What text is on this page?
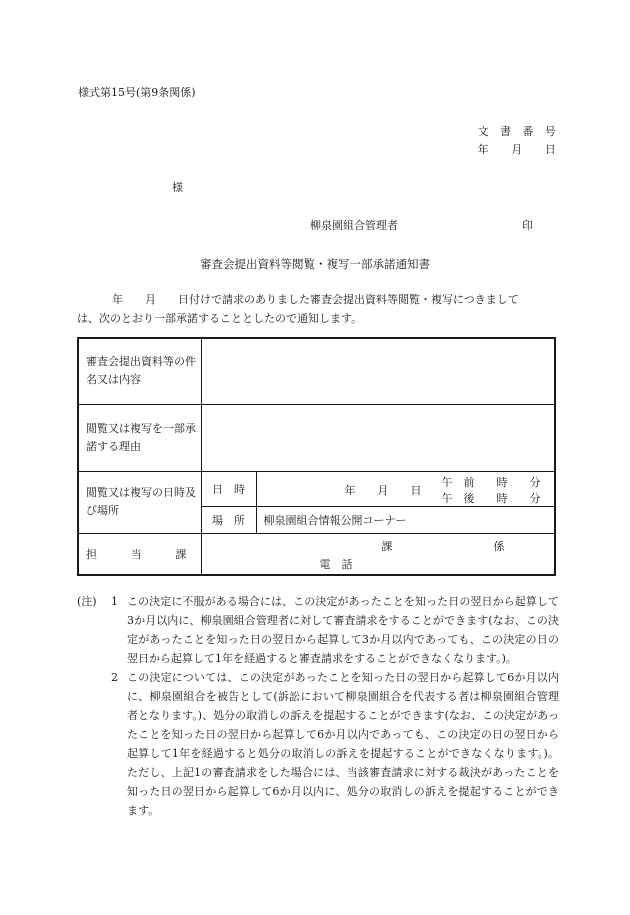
様式第15号(第9条関係)
文　書　番　号
年　　月　　日
様
柳泉園組合管理者	印
審査会提出資料等閲覧・複写一部承諾通知書
年　　月　　日付けで請求のありました審査会提出資料等閲覧・複写につきまして
は、次のとおり一部承諾することとしたので通知します。
審査会提出資料等の件名又は内容		
閲覧又は複写を一部承諾する理由		
閲覧又は複写の日時及び場所	日　時	年　　月　　日
午　前　　時　　分
午　後　　時　　分

	場　所	柳泉園組合情報公開コーナー

担 当 課	課 係
電　話	
(注)	1 この決定に不服がある場合には、この決定があったことを知った日の翌日から起算して3か月以内に、柳泉園組合管理者に対して審査請求をすることができます(なお、この決定があったことを知った日の翌日から起算して3か月以内であっても、この決定の日の翌日から起算して1年を経過すると審査請求をすることができなくなります。)。
2 この決定については、この決定があったことを知った日の翌日から起算して6か月以内に、柳泉園組合を被告として(訴訟において柳泉園組合を代表する者は柳泉園組合管理者となります。)、処分の取消しの訴えを提起することができます(なお、この決定があったことを知った日の翌日から起算して6か月以内であっても、この決定の日の翌日から起算して1年を経過すると処分の取消しの訴えを提起することができなくなります。)。ただし、上記1の審査請求をした場合には、当該審査請求に対する裁決があったことを知った日の翌日から起算して6か月以内に、処分の取消しの訴えを提起することができます。
